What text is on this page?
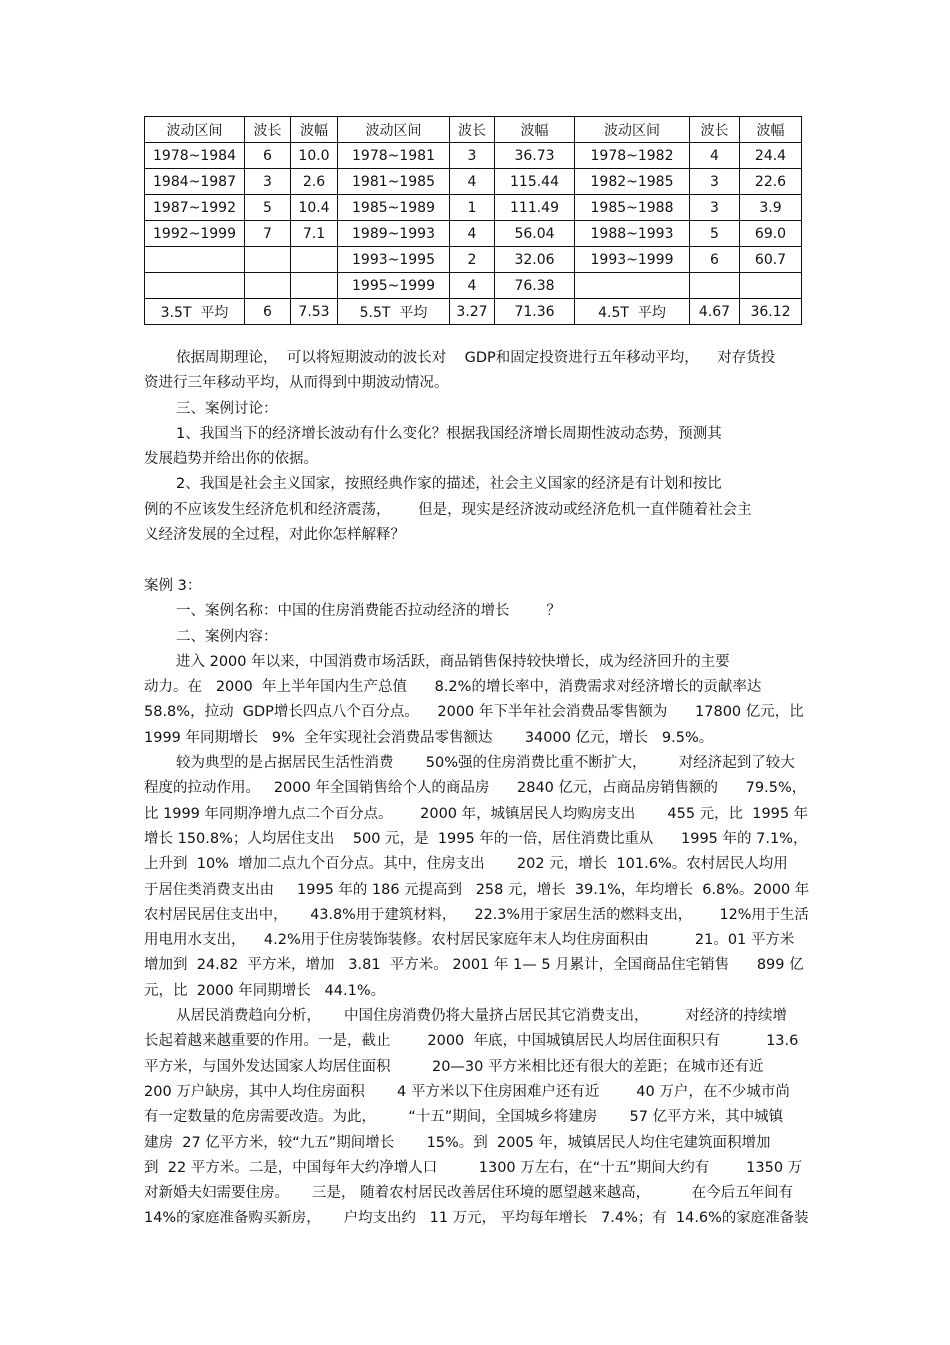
波动区间	波长	波幅	波动区间	波长	波幅	波动区间	波长	波幅
1978~1984	6	10.0	1978~1981	3	36.73	1978~1982	4	24.4
1984~1987	3	2.6	1981~1985	4	115.44	1982~1985	3	22.6
1987~1992	5	10.4	1985~1989	1	111.49	1985~1988	3	3.9
1992~1999	7	7.1	1989~1993	4	56.04	1988~1993	5	69.0
			1993~1995	2	32.06	1993~1999	6	60.7
			1995~1999	4	76.38			
3.5T  平均	6	7.53	5.5T  平均	3.27	71.36	4.5T  平均	4.67	36.12
依据周期理论，  可以将短期波动的波长对    GDP和固定投资进行五年移动平均，    对存货投
资进行三年移动平均，从而得到中期波动情况。
三、案例讨论：
1、我国当下的经济增长波动有什么变化？根据我国经济增长周期性波动态势，预测其
发展趋势并给出你的依据。
2、我国是社会主义国家，按照经典作家的描述，社会主义国家的经济是有计划和按比
例的不应该发生经济危机和经济震荡，      但是，现实是经济波动或经济危机一直伴随着社会主
义经济发展的全过程，对此你怎样解释？
案例 3：
一、案例名称：中国的住房消费能否拉动经济的增长        ？
二、案例内容：
进入 2000 年以来，中国消费市场活跃，商品销售保持较快增长，成为经济回升的主要
动力。在   2000  年上半年国内生产总值      8.2%的增长率中，消费需求对经济增长的贡献率达
58.8%，拉动  GDP增长四点八个百分点。    2000 年下半年社会消费品零售额为      17800 亿元，比
1999 年同期增长   9%  全年实现社会消费品零售额达       34000 亿元，增长   9.5%。
较为典型的是占据居民生活性消费       50%强的住房消费比重不断扩大，       对经济起到了较大
程度的拉动作用。   2000 年全国销售给个人的商品房      2840 亿元，占商品房销售额的      79.5%，
比 1999 年同期净增九点二个百分点。      2000 年，城镇居民人均购房支出       455 元，比  1995 年
增长 150.8%；人均居住支出    500 元，是  1995 年的一倍，居住消费比重从      1995 年的 7.1%，
上升到  10%  增加二点九个百分点。其中，住房支出       202 元，增长  101.6%。农村居民人均用
于居住类消费支出由     1995 年的 186 元提高到   258 元，增长  39.1%，年均增长  6.8%。2000 年
农村居民居住支出中，     43.8%用于建筑材料，    22.3%用于家居生活的燃料支出，      12%用于生活
用电用水支出，    4.2%用于住房装饰装修。农村居民家庭年末人均住房面积由          21。01 平方米
增加到  24.82  平方米，增加   3.81  平方米。 2001 年 1— 5 月累计，全国商品住宅销售      899 亿
元，比  2000 年同期增长   44.1%。
从居民消费趋向分析，     中国住房消费仍将大量挤占居民其它消费支出，        对经济的持续增
长起着越来越重要的作用。一是，截止        2000  年底，中国城镇居民人均居住面积只有          13.6
平方米，与国外发达国家人均居住面积         20—30 平方米相比还有很大的差距；在城市还有近
200 万户缺房，其中人均住房面积       4 平方米以下住房困难户还有近        40 万户，在不少城市尚
有一定数量的危房需要改造。为此，       “十五”期间，全国城乡将建房       57 亿平方米，其中城镇
建房  27 亿平方米，较“九五”期间增长       15%。到  2005 年，城镇居民人均住宅建筑面积增加
到  22 平方米。二是，中国每年大约净增人口         1300 万左右，在“十五”期间大约有        1350 万
对新婚夫妇需要住房。     三是， 随着农村居民改善居住环境的愿望越来越高，         在今后五年间有
14%的家庭准备购买新房，     户均支出约   11 万元， 平均每年增长   7.4%；有  14.6%的家庭准备装
